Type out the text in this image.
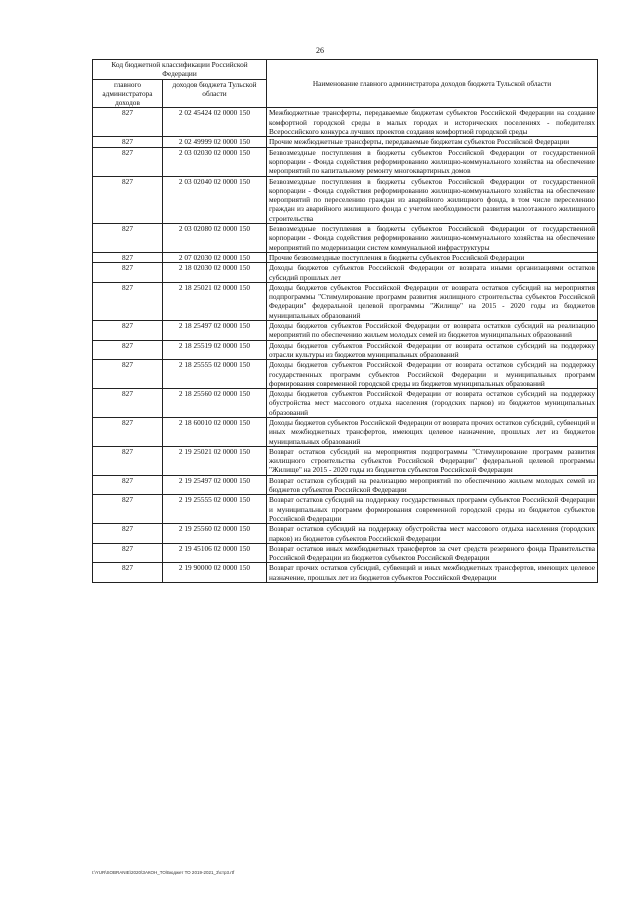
26
Код бюджетной классификации Российской Федерации		Наименование главного администратора доходов бюджета Тульской области
главного администратора доходов	доходов бюджета Тульской области	
827	2 02 45424 02 0000 150	Межбюджетные трансферты, передаваемые бюджетам субъектов Российской Федерации на создание комфортной городской среды в малых городах и исторических поселениях - победителях Всероссийского конкурса лучших проектов создания комфортной городской среды
827	2 02 49999 02 0000 150	Прочие межбюджетные трансферты, передаваемые бюджетам субъектов Российской Федерации
827	2 03 02030 02 0000 150	Безвозмездные поступления в бюджеты субъектов Российской Федерации от государственной корпорации - Фонда содействия реформированию жилищно-коммунального хозяйства на обеспечение мероприятий по капитальному ремонту многоквартирных домов
827	2 03 02040 02 0000 150	Безвозмездные поступления в бюджеты субъектов Российской Федерации от государственной корпорации - Фонда содействия реформированию жилищно-коммунального хозяйства на обеспечение мероприятий по переселению граждан из аварийного жилищного фонда, в том числе переселению граждан из аварийного жилищного фонда с учетом необходимости развития малоэтажного жилищного строительства
827	2 03 02080 02 0000 150	Безвозмездные поступления в бюджеты субъектов Российской Федерации от государственной корпорации - Фонда содействия реформированию жилищно-коммунального хозяйства на обеспечение мероприятий по модернизации систем коммунальной инфраструктуры
827	2 07 02030 02 0000 150	Прочие безвозмездные поступления в бюджеты субъектов Российской Федерации
827	2 18 02030 02 0000 150	Доходы бюджетов субъектов Российской Федерации от возврата иными организациями остатков субсидий прошлых лет
827	2 18 25021 02 0000 150	Доходы бюджетов субъектов Российской Федерации от возврата остатков субсидий на мероприятия подпрограммы "Стимулирование программ развития жилищного строительства субъектов Российской Федерации" федеральной целевой программы "Жилище" на 2015 - 2020 годы из бюджетов муниципальных образований
827	2 18 25497 02 0000 150	Доходы бюджетов субъектов Российской Федерации от возврата остатков субсидий на реализацию мероприятий по обеспечению жильем молодых семей из бюджетов муниципальных образований
827	2 18 25519 02 0000 150	Доходы бюджетов субъектов Российской Федерации от возврата остатков субсидий на поддержку отрасли культуры из бюджетов муниципальных образований
827	2 18 25555 02 0000 150	Доходы бюджетов субъектов Российской Федерации от возврата остатков субсидий на поддержку государственных программ субъектов Российской Федерации и муниципальных программ формирования современной городской среды из бюджетов муниципальных образований
827	2 18 25560 02 0000 150	Доходы бюджетов субъектов Российской Федерации от возврата остатков субсидий на поддержку обустройства мест массового отдыха населения (городских парков) из бюджетов муниципальных образований
827	2 18 60010 02 0000 150	Доходы бюджетов субъектов Российской Федерации от возврата прочих остатков субсидий, субвенций и иных межбюджетных трансфертов, имеющих целевое назначение, прошлых лет из бюджетов муниципальных образований
827	2 19 25021 02 0000 150	Возврат остатков субсидий на мероприятия подпрограммы "Стимулирование программ развития жилищного строительства субъектов Российской Федерации" федеральной целевой программы "Жилище" на 2015 - 2020 годы из бюджетов субъектов Российской Федерации
827	2 19 25497 02 0000 150	Возврат остатков субсидий на реализацию мероприятий по обеспечению жильем молодых семей из бюджетов субъектов Российской Федерации
827	2 19 25555 02 0000 150	Возврат остатков субсидий на поддержку государственных программ субъектов Российской Федерации и муниципальных программ формирования современной городской среды из бюджетов субъектов Российской Федерации
827	2 19 25560 02 0000 150	Возврат остатков субсидий на поддержку обустройства мест массового отдыха населения (городских парков) из бюджетов субъектов Российской Федерации
827	2 19 45106 02 0000 150	Возврат остатков иных межбюджетных трансфертов за счет средств резервного фонда Правительства Российской Федерации из бюджетов субъектов Российской Федерации
827	2 19 90000 02 0000 150	Возврат прочих остатков субсидий, субвенций и иных межбюджетных трансфертов, имеющих целевое назначение, прошлых лет из бюджетов субъектов Российской Федерации
I:\YUR\SOBRANIE\2020\ЗАКОН_ТО\Бюджет ТО 2019-2021_3\стр3.rtf
